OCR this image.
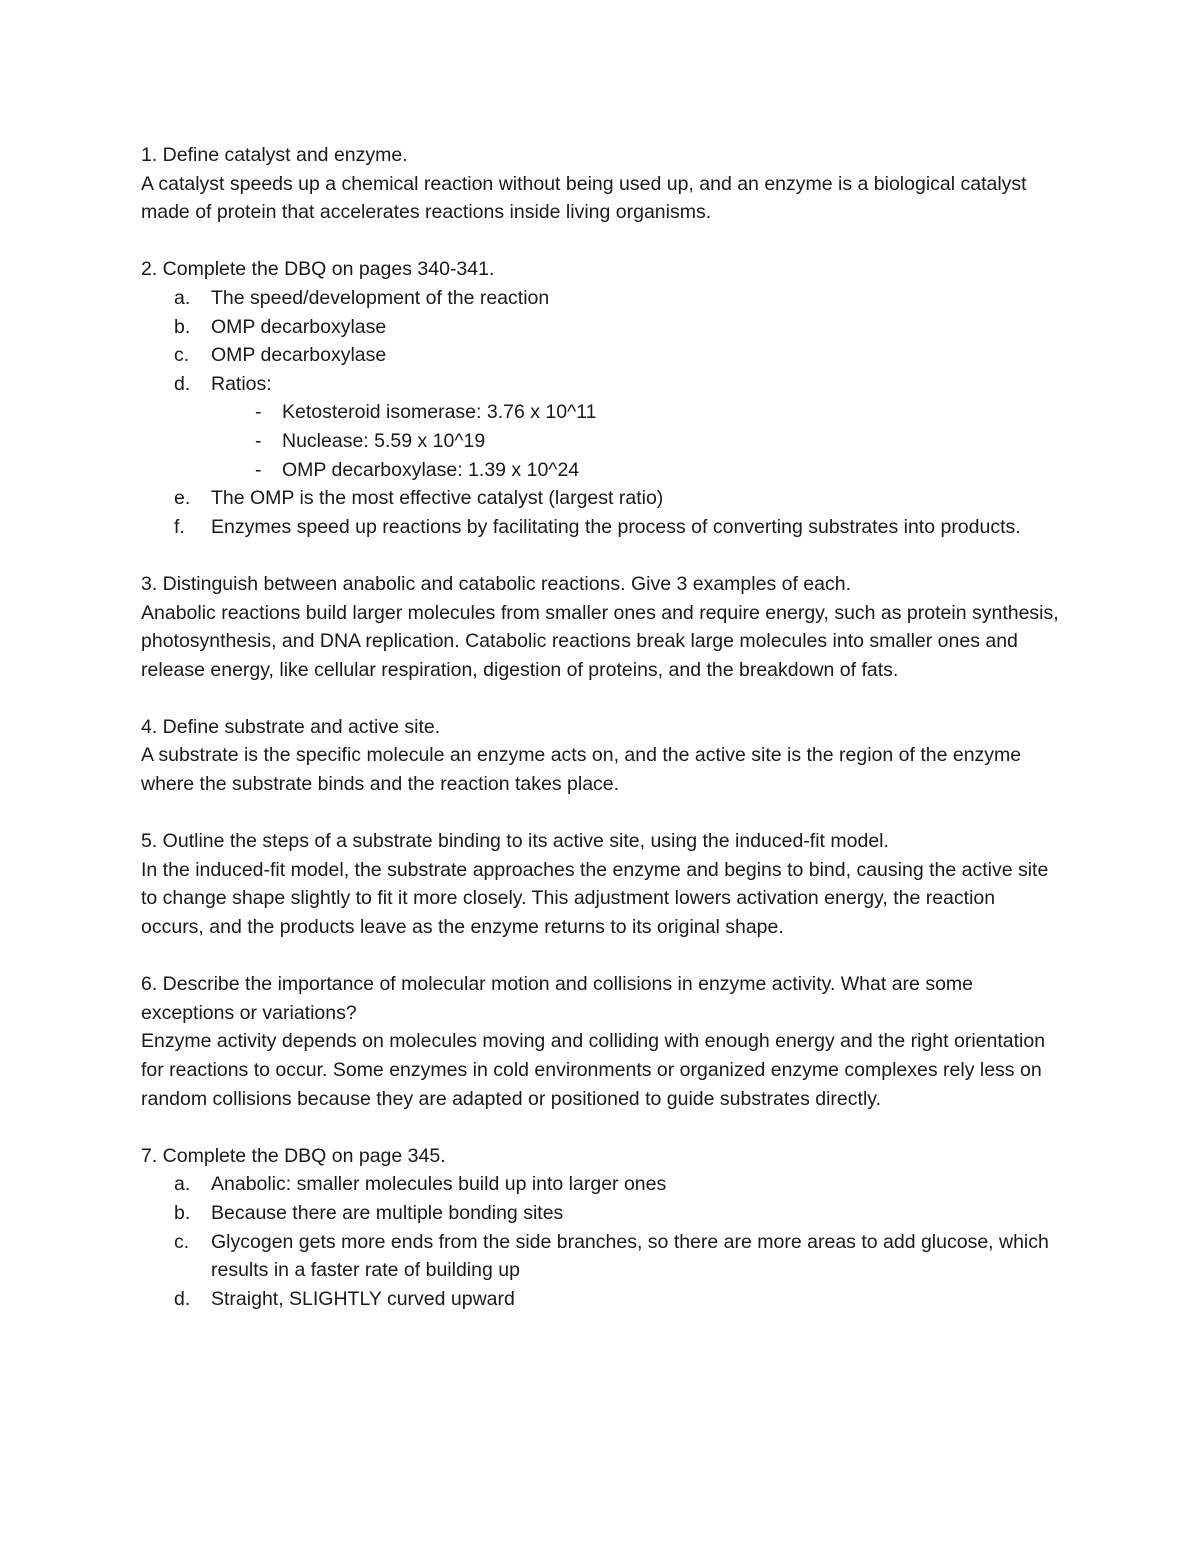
1. Define catalyst and enzyme.

A catalyst speeds up a chemical reaction without being used up, and an enzyme is a biological catalyst made of protein that accelerates reactions inside living organisms.

2. Complete the DBQ on pages 340-341.

a. The speed/development of the reaction
b. OMP decarboxylase
c. OMP decarboxylase
d. Ratios:
- Ketosteroid isomerase: 3.76 x 10^11
- Nuclease: 5.59 x 10^19
- OMP decarboxylase: 1.39 x 10^24
e. The OMP is the most effective catalyst (largest ratio)
f. Enzymes speed up reactions by facilitating the process of converting substrates into products.

3. Distinguish between anabolic and catabolic reactions. Give 3 examples of each.

Anabolic reactions build larger molecules from smaller ones and require energy, such as protein synthesis, photosynthesis, and DNA replication. Catabolic reactions break large molecules into smaller ones and release energy, like cellular respiration, digestion of proteins, and the breakdown of fats.

4. Define substrate and active site.

A substrate is the specific molecule an enzyme acts on, and the active site is the region of the enzyme where the substrate binds and the reaction takes place.

5. Outline the steps of a substrate binding to its active site, using the induced-fit model.

In the induced-fit model, the substrate approaches the enzyme and begins to bind, causing the active site to change shape slightly to fit it more closely. This adjustment lowers activation energy, the reaction occurs, and the products leave as the enzyme returns to its original shape.

6. Describe the importance of molecular motion and collisions in enzyme activity. What are some exceptions or variations?

Enzyme activity depends on molecules moving and colliding with enough energy and the right orientation for reactions to occur. Some enzymes in cold environments or organized enzyme complexes rely less on random collisions because they are adapted or positioned to guide substrates directly.

7. Complete the DBQ on page 345.

a. Anabolic: smaller molecules build up into larger ones
b. Because there are multiple bonding sites
c. Glycogen gets more ends from the side branches, so there are more areas to add glucose, which results in a faster rate of building up
d. Straight, SLIGHTLY curved upward
